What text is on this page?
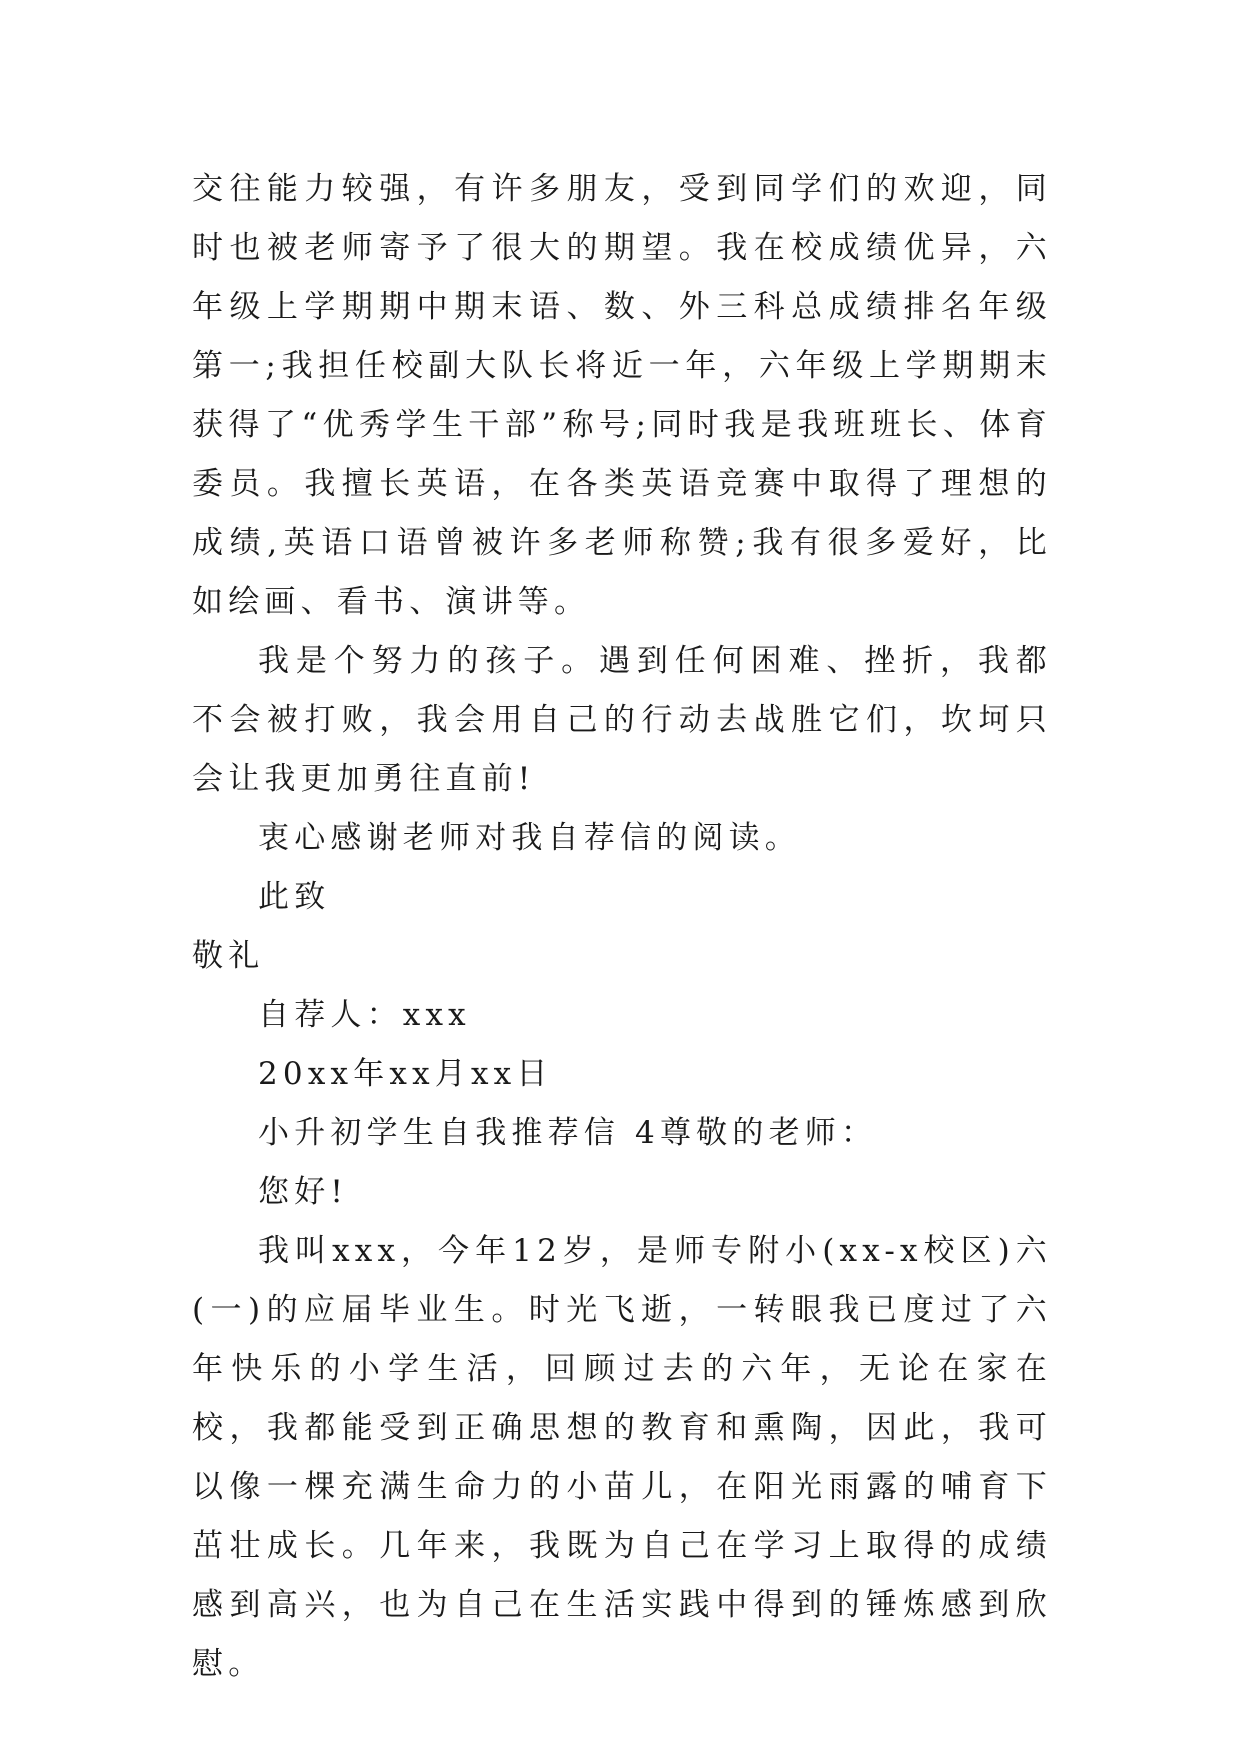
交往能力较强，有许多朋友，受到同学们的欢迎，同时也被老师寄予了很大的期望。我在校成绩优异，六年级上学期期中期末语、数、外三科总成绩排名年级第一;我担任校副大队长将近一年，六年级上学期期末获得了“优秀学生干部”称号;同时我是我班班长、体育委员。我擅长英语，在各类英语竞赛中取得了理想的成绩,英语口语曾被许多老师称赞;我有很多爱好，比如绘画、看书、演讲等。

我是个努力的孩子。遇到任何困难、挫折，我都不会被打败，我会用自己的行动去战胜它们，坎坷只会让我更加勇往直前!

衷心感谢老师对我自荐信的阅读。

此致

敬礼

自荐人：xxx

20xx年xx月xx日

小升初学生自我推荐信 4尊敬的老师：

您好!

我叫xxx，今年12岁，是师专附小(xx-x校区)六(一)的应届毕业生。时光飞逝，一转眼我已度过了六年快乐的小学生活，回顾过去的六年，无论在家在校，我都能受到正确思想的教育和熏陶，因此，我可以像一棵充满生命力的小苗儿，在阳光雨露的哺育下茁壮成长。几年来，我既为自己在学习上取得的成绩感到高兴，也为自己在生活实践中得到的锤炼感到欣慰。
